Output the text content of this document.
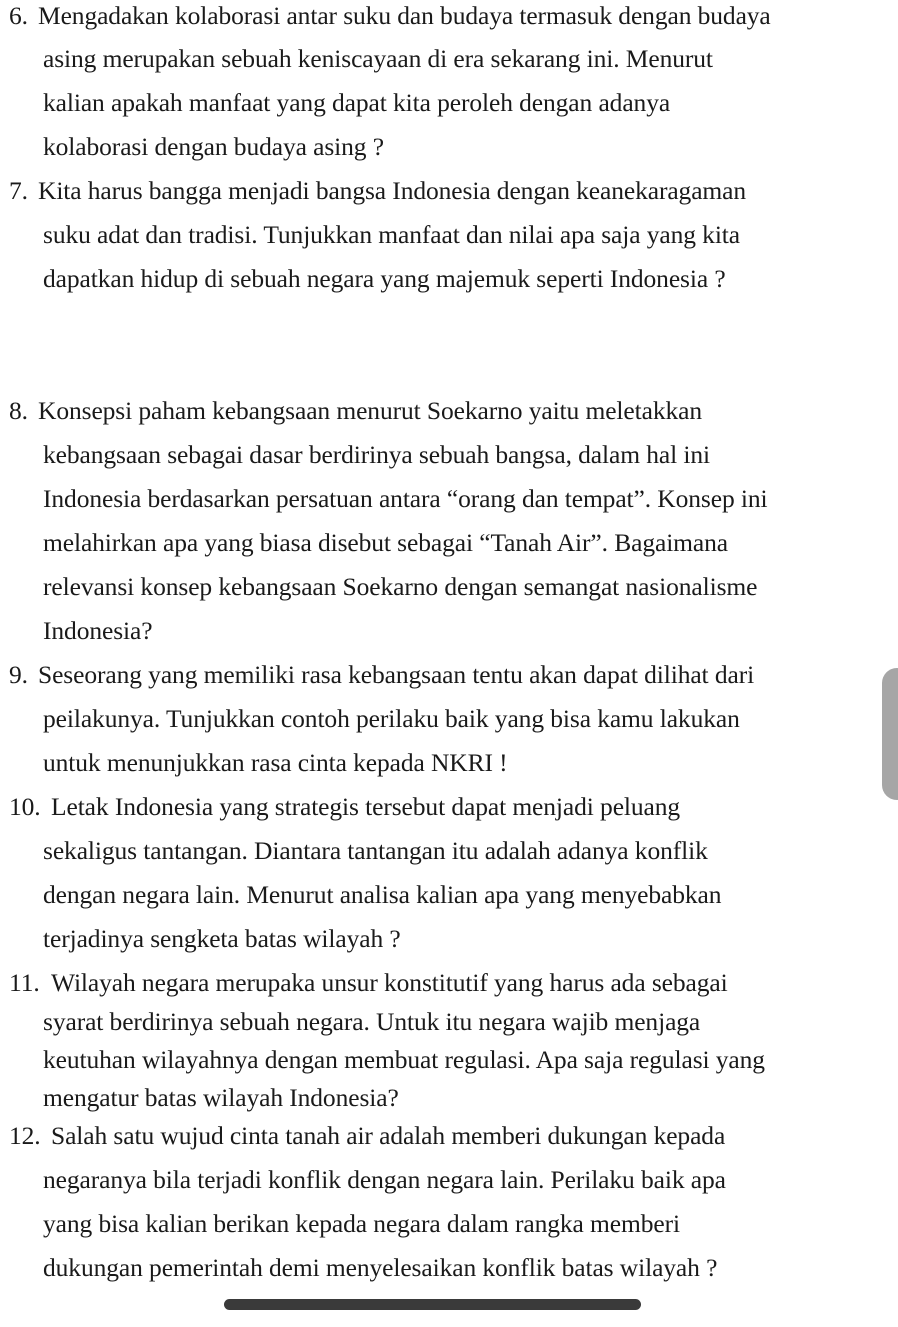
6. Mengadakan kolaborasi antar suku dan budaya termasuk dengan budaya
asing merupakan sebuah keniscayaan di era sekarang ini. Menurut
kalian apakah manfaat yang dapat kita peroleh dengan adanya
kolaborasi dengan budaya asing ?
7. Kita harus bangga menjadi bangsa Indonesia dengan keanekaragaman
suku adat dan tradisi. Tunjukkan manfaat dan nilai apa saja yang kita
dapatkan hidup di sebuah negara yang majemuk seperti Indonesia ?
8. Konsepsi paham kebangsaan menurut Soekarno yaitu meletakkan
kebangsaan sebagai dasar berdirinya sebuah bangsa, dalam hal ini
Indonesia berdasarkan persatuan antara “orang dan tempat”. Konsep ini
melahirkan apa yang biasa disebut sebagai “Tanah Air”. Bagaimana
relevansi konsep kebangsaan Soekarno dengan semangat nasionalisme
Indonesia?
9. Seseorang yang memiliki rasa kebangsaan tentu akan dapat dilihat dari
peilakunya. Tunjukkan contoh perilaku baik yang bisa kamu lakukan
untuk menunjukkan rasa cinta kepada NKRI !
10. Letak Indonesia yang strategis tersebut dapat menjadi peluang
sekaligus tantangan. Diantara tantangan itu adalah adanya konflik
dengan negara lain. Menurut analisa kalian apa yang menyebabkan
terjadinya sengketa batas wilayah ?
11. Wilayah negara merupaka unsur konstitutif yang harus ada sebagai
syarat berdirinya sebuah negara. Untuk itu negara wajib menjaga
keutuhan wilayahnya dengan membuat regulasi. Apa saja regulasi yang
mengatur batas wilayah Indonesia?
12. Salah satu wujud cinta tanah air adalah memberi dukungan kepada
negaranya bila terjadi konflik dengan negara lain. Perilaku baik apa
yang bisa kalian berikan kepada negara dalam rangka memberi
dukungan pemerintah demi menyelesaikan konflik batas wilayah ?
